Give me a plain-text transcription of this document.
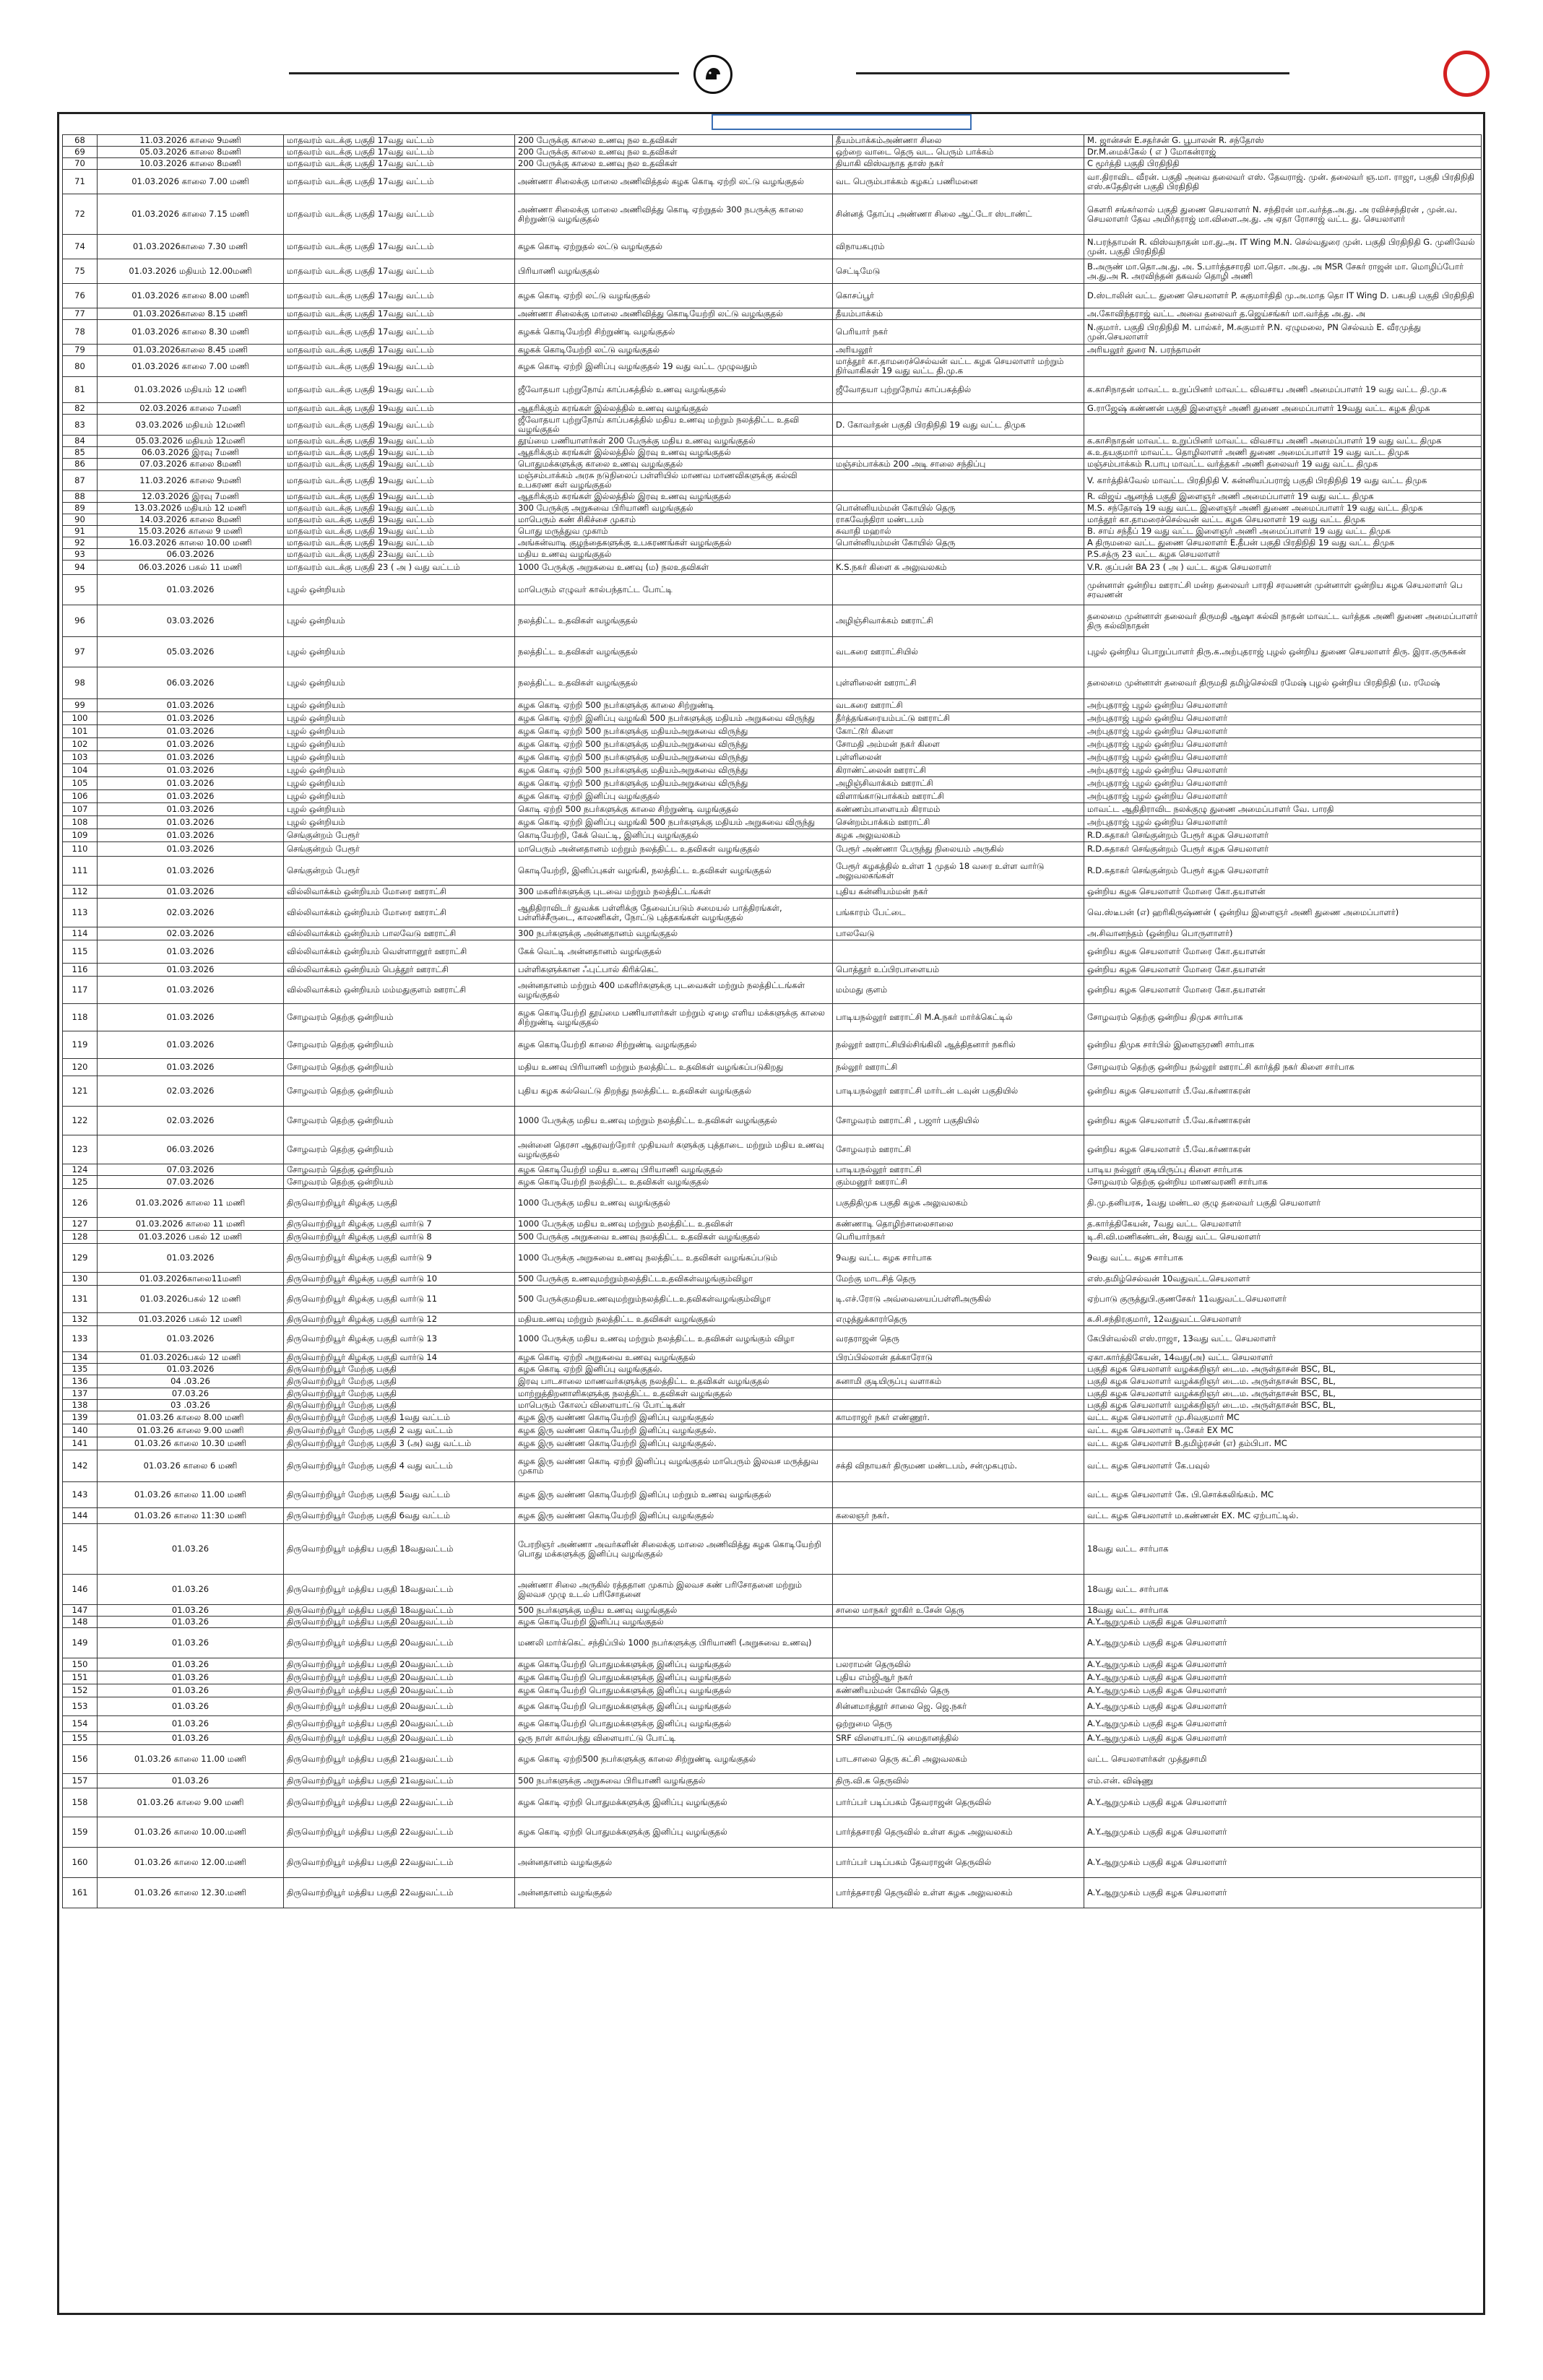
68	11.03.2026 காலை 9மணி	மாதவரம் வடக்கு பகுதி 17வது வட்டம்	200 பேருக்கு காலை உணவு நல உதவிகள்	தீயம்பாக்கம்அண்ணா சிலை	M. ஜான்சன் E.சதர்சன் G. பூபாலன் R. சந்தோஸ்
69	05.03.2026 காலை 8மணி	மாதவரம் வடக்கு பகுதி 17வது வட்டம்	200 பேருக்கு காலை உணவு நல உதவிகள்	ஒற்றை வாடை தெரு வட. பெரும் பாக்கம்	Dr.M.மைக்கேல் ( எ ) மோகன்ராஜ்
70	10.03.2026 காலை 8மணி	மாதவரம் வடக்கு பகுதி 17வது வட்டம்	200 பேருக்கு காலை உணவு நல உதவிகள்	தியாகி விஸ்வநாத தாஸ் நகர்	C மூர்த்தி பகுதி பிரதிநிதி
71	01.03.2026 காலை 7.00 மணி	மாதவரம் வடக்கு பகுதி 17வது வட்டம்	அண்ணா சிலைக்கு மாலை அணிவித்தல் கழக கொடி ஏற்றி லட்டு வழங்குதல்	வட பெரும்பாக்கம் கழகப் பணிமனை	வா.திராவிட வீரன். பகுதி அவை தலைவர் எஸ். தேவராஜ். முன். தலைவர் ஞ.மா. ராஜா, பகுதி பிரதிநிதி எஸ்.சுதேதிரன் பகுதி பிரதிநிதி
72	01.03.2026 காலை 7.15 மணி	மாதவரம் வடக்கு பகுதி 17வது வட்டம்	அண்ணா சிலைக்கு மாலை அணிவித்து கொடி ஏற்றுதல் 300 நபருக்கு காலை சிற்றுண்டு வழங்குதல்	சின்னத் தோப்பு அண்ணா சிலை ஆட்டோ ஸ்டாண்ட்	கௌரி சங்கர்லால் பகுதி துணை செயலாளர் N. சந்திரன் மா.வர்த்த.அ.து. அ ரவிச்சந்திரன் , முன்.வ. செயலாளர் தேவ அமிர்தராஜ் மா.விளை.அ.து. அ ஏதா ரோசாஜ் வட்ட து. செயலாளர்
74	01.03.2026காலை 7.30 மணி	மாதவரம் வடக்கு பகுதி 17வது வட்டம்	கழக கொடி ஏற்றுதல் லட்டு வழங்குதல்	விநாயகபுரம்	N.பரந்தாமன் R. விஸ்வநாதன் மா.து.அ. IT Wing M.N. செல்வதுரை முன். பகுதி பிரதிநிதி G. முனிவேல் முன். பகுதி பிரதிநிதி
75	01.03.2026 மதியம் 12.00மணி	மாதவரம் வடக்கு பகுதி 17வது வட்டம்	பிரியாணி வழங்குதல்	செட்டிமேடு	B.அருண் மா.தொ.அ.து. அ. S.பார்த்தசாரதி மா.தொ. அ.து. அ MSR சேகர் ராஜன் மா. மொழிப்போர் அ.து.அ R. அரவிந்தன் தகவல் தொழி அணி
76	01.03.2026 காலை 8.00 மணி	மாதவரம் வடக்கு பகுதி 17வது வட்டம்	கழக கொடி ஏற்றி லட்டு வழங்குதல்	கொசப்பூர்	D.ஸ்டாலின் வட்ட துணை செயலாளர் P. சுகுமார்திதி மு.அ.மாத தொ IT Wing D. பகபதி பகுதி பிரதிநிதி
77	01.03.2026காலை 8.15 மணி	மாதவரம் வடக்கு பகுதி 17வது வட்டம்	அண்ணா சிலைக்கு மாலை அணிவித்து கொடியேற்றி லட்டு வழங்குதல்	தீயம்பாக்கம்	அ.கோவிந்தராஜ் வட்ட அவை தலைவர் த.ஜெய்சங்கர் மா.வர்த்த அ.து. அ
78	01.03.2026 காலை 8.30 மணி	மாதவரம் வடக்கு பகுதி 17வது வட்டம்	கழகக் கொடியேற்றி சிற்றுண்டி வழங்குதல்	பெரியார் நகர்	N.குமார். பகுதி பிரதிநிதி M. பால்கர், M.சுகுமார் P.N. ஏழுமலை, PN செல்வம் E. வீரமுத்து முன்.செயலாளர்
79	01.03.2026காலை 8.45 மணி	மாதவரம் வடக்கு பகுதி 17வது வட்டம்	கழகக் கொடியேற்றி லட்டு வழங்குதல்	அரியலூர்	அரியலூர் துரை N. பரந்தாமன்
80	01.03.2026 காலை 7.00 மணி	மாதவரம் வடக்கு பகுதி 19வது வட்டம்	கழக கொடி ஏற்றி இனிப்பு வழங்குதல் 19 வது வட்ட முழுவதும்	மாத்தூர் கா.தாமரைச்செல்வன் வட்ட கழக செயலாளர் மற்றும் நிர்வாகிகள் 19 வது வட்ட தி.மு.க	
81	01.03.2026 மதியம் 12 மணி	மாதவரம் வடக்கு பகுதி 19வது வட்டம்	ஜீவோதயா புற்றுநோய் காப்பகத்தில் உணவு வழங்குதல்	ஜீவோதயா புற்றுநோய் காப்பகத்தில்	க.காசிநாதன் மாவட்ட உறுப்பினர் மாவட்ட விவசாய அணி அமைப்பாளர் 19 வது வட்ட தி.மு.க
82	02.03.2026 காலை 7மணி	மாதவரம் வடக்கு பகுதி 19வது வட்டம்	ஆதரிக்கும் கரங்கள் இல்லத்தில் உணவு வழங்குதல்		G.ராஜேஷ் கண்ணன் பகுதி இளைஞர் அணி துணை அமைப்பாளர் 19வது வட்ட கழக திமுக
83	03.03.2026 மதியம் 12மணி	மாதவரம் வடக்கு பகுதி 19வது வட்டம்	ஜீவோதயா புற்றுநோய் காப்பகத்தில் மதிய உணவு மற்றும் நலத்திட்ட உதவி வழங்குதல்	D. கோவர்தன் பகுதி பிரதிநிதி 19 வது வட்ட திமுக	
84	05.03.2026 மதியம் 12மணி	மாதவரம் வடக்கு பகுதி 19வது வட்டம்	தூய்மை பணியாளர்கள் 200 பேருக்கு மதிய உணவு வழங்குதல்		க.காசிநாதன் மாவட்ட உறுப்பினர் மாவட்ட விவசாய அணி அமைப்பாளர் 19 வது வட்ட திமுக
85	06.03.2026 இரவு 7மணி	மாதவரம் வடக்கு பகுதி 19வது வட்டம்	ஆதரிக்கும் கரங்கள் இல்லத்தில் இரவு உணவு வழங்குதல்		க.உதயகுமார் மாவட்ட தொழிலாளர் அணி துணை அமைப்பாளர் 19 வது வட்ட திமுக
86	07.03.2026 காலை 8மணி	மாதவரம் வடக்கு பகுதி 19வது வட்டம்	பொதுமக்களுக்கு காலை உணவு வழங்குதல்	மஞ்சம்பாக்கம் 200 அடி சாலை சந்திப்பு	மஞ்சம்பாக்கம் R.பாபு மாவட்ட வர்த்தகர் அணி தலைவர் 19 வது வட்ட திமுக
87	11.03.2026 காலை 9மணி	மாதவரம் வடக்கு பகுதி 19வது வட்டம்	மஞ்சம்பாக்கம் அரசு நடுநிலைப் பள்ளியில் மாணவ மாணவிகளுக்கு கல்வி உபகரண கள் வழங்குதல்		V. கார்த்திக்வேல் மாவட்ட பிரதிநிதி V. கன்னியப்பராஜ் பகுதி பிரதிநிதி 19 வது வட்ட திமுக
88	12.03.2026 இரவு 7மணி	மாதவரம் வடக்கு பகுதி 19வது வட்டம்	ஆதரிக்கும் கரங்கள் இல்லத்தில் இரவு உணவு வழங்குதல்		R. விஜய் ஆனந்த் பகுதி இளைஞர் அணி அமைப்பாளர் 19 வது வட்ட திமுக
89	13.03.2026 மதியம் 12 மணி	மாதவரம் வடக்கு பகுதி 19வது வட்டம்	300 பேருக்கு அறுசுவை பிரியாணி வழங்குதல்	பொன்னியம்மன் கோயில் தெரு	M.S. சந்தோஷ் 19 வது வட்ட இளைஞர் அணி துணை அமைப்பாளர் 19 வது வட்ட திமுக
90	14.03.2026 காலை 8மணி	மாதவரம் வடக்கு பகுதி 19வது வட்டம்	மாபெரும் கண் சிகிச்சை முகாம்	ராகவேந்திரா மண்டபம்	மாத்தூர் கா.தாமரைச்செல்வன் வட்ட கழக செயலாளர் 19 வது வட்ட திமுக
91	15.03.2026 காலை 9 மணி	மாதவரம் வடக்கு பகுதி 19வது வட்டம்	பொது மருத்துவ முகாம்	சுவாதி மஹால்	B. சாய் சந்தீப் 19 வது வட்ட இளைஞர் அணி அமைப்பாளர் 19 வது வட்ட திமுக
92	16.03.2026 காலை 10.00 மணி	மாதவரம் வடக்கு பகுதி 19வது வட்டம்	அங்கன்வாடி குழந்தைகளுக்கு உபகரணங்கள் வழங்குதல்	பொன்னியம்மன் கோயில் தெரு	A திருமலை வட்ட துணை செயலாளர் E.தீபன் பகுதி பிரதிநிதி 19 வது வட்ட திமுக
93	06.03.2026	மாதவரம் வடக்கு பகுதி 23வது வட்டம்	மதிய உணவு வழங்குதல்		P.S.சத்ரு 23 வட்ட கழக செயலாளர்
94	06.03.2026 பகல் 11 மணி	மாதவரம் வடக்கு பகுதி 23 ( அ ) வது வட்டம்	1000 பேருக்கு அறுசுவை உணவு (ம) நலஉதவிகள்	K.S.நகர் கிளை க அலுவலகம்	V.R. குப்பன் BA 23 ( அ ) வட்ட கழக செயலாளர்
95	01.03.2026	புழல் ஒன்றியம்	மாபெரும் எழுவர் கால்பந்தாட்ட போட்டி		முன்னாள் ஒன்றிய ஊராட்சி மன்ற தலைவர் பாரதி சரவணன் முன்னாள் ஒன்றிய கழக செயலாளர் பெ சரவணன்
96	03.03.2026	புழல் ஒன்றியம்	நலத்திட்ட உதவிகள் வழங்குதல்	அழிஞ்சிவாக்கம் ஊராட்சி	தலைமை முன்னாள் தலைவர் திருமதி ஆஷா கல்வி நாதன் மாவட்ட வர்த்தக அணி துணை அமைப்பாளர் திரு கல்விநாதன்
97	05.03.2026	புழல் ஒன்றியம்	நலத்திட்ட உதவிகள் வழங்குதல்	வடகரை ஊராட்சியில்	புழல் ஒன்றிய பொறுப்பாளர் திரு.க.அற்புதராஜ் புழல் ஒன்றிய துணை செயலாளர் திரு. இரா.குருசுகன்
98	06.03.2026	புழல் ஒன்றியம்	நலத்திட்ட உதவிகள் வழங்குதல்	புள்ளிலைன் ஊராட்சி	தலைமை முன்னாள் தலைவர் திருமதி தமிழ்செல்வி ரமேஷ் புழல் ஒன்றிய பிரதிநிதி (ம. ரமேஷ்
99	01.03.2026	புழல் ஒன்றியம்	கழக கொடி ஏற்றி 500 நபர்களுக்கு காலை சிற்றுண்டி	வடகரை ஊராட்சி	அற்புதராஜ் புழல் ஒன்றிய செயலாளர்
100	01.03.2026	புழல் ஒன்றியம்	கழக கொடி ஏற்றி இனிப்பு வழங்கி 500 நபர்களுக்கு மதியம் அறுசுவை விருந்து	தீர்த்தங்கரையம்பட்டு ஊராட்சி	அற்புதராஜ் புழல் ஒன்றிய செயலாளர்
101	01.03.2026	புழல் ஒன்றியம்	கழக கொடி ஏற்றி 500 நபர்களுக்கு மதியம்அறுசுவை விருந்து	கோட்டூர் கிளை	அற்புதராஜ் புழல் ஒன்றிய செயலாளர்
102	01.03.2026	புழல் ஒன்றியம்	கழக கொடி ஏற்றி 500 நபர்களுக்கு மதியம்அறுசுவை விருந்து	சோமதி அம்மன் நகர் கிளை	அற்புதராஜ் புழல் ஒன்றிய செயலாளர்
103	01.03.2026	புழல் ஒன்றியம்	கழக கொடி ஏற்றி 500 நபர்களுக்கு மதியம்அறுசுவை விருந்து	புள்ளிலைன்	அற்புதராஜ் புழல் ஒன்றிய செயலாளர்
104	01.03.2026	புழல் ஒன்றியம்	கழக கொடி ஏற்றி 500 நபர்களுக்கு மதியம்அறுசுவை விருந்து	கிராண்ட்லைன் ஊராட்சி	அற்புதராஜ் புழல் ஒன்றிய செயலாளர்
105	01.03.2026	புழல் ஒன்றியம்	கழக கொடி ஏற்றி 500 நபர்களுக்கு மதியம்அறுசுவை விருந்து	அழிஞ்சிவாக்கம் ஊராட்சி	அற்புதராஜ் புழல் ஒன்றிய செயலாளர்
106	01.03.2026	புழல் ஒன்றியம்	கழக கொடி ஏற்றி இனிப்பு வழங்குதல்	விளாங்காடுபாக்கம் ஊராட்சி	அற்புதராஜ் புழல் ஒன்றிய செயலாளர்
107	01.03.2026	புழல் ஒன்றியம்	கொடி ஏற்றி 500 நபர்களுக்கு காலை சிற்றுண்டி வழங்குதல்	கண்ணம்பாளையம் கிராமம்	மாவட்ட ஆதிதிராவிட நலக்குழு துணை அமைப்பாளர் வே. பாரதி
108	01.03.2026	புழல் ஒன்றியம்	கழக கொடி ஏற்றி இனிப்பு வழங்கி 500 நபர்களுக்கு மதியம் அறுசுவை விருந்து	சென்றம்பாக்கம் ஊராட்சி	அற்புதராஜ் புழல் ஒன்றிய செயலாளர்
109	01.03.2026	செங்குன்றம் பேரூர்	கொடியேற்றி, கேக் வெட்டி, இனிப்பு வழங்குதல்	கழக அலுவலகம்	R.D.சுதாகர் செங்குன்றம் பேரூர் கழக செயலாளர்
110	01.03.2026	செங்குன்றம் பேரூர்	மாபெரும் அன்னதானம் மற்றும் நலத்திட்ட உதவிகள் வழங்குதல்	பேரூர் அண்ணா பேருந்து நிலையம் அருகில்	R.D.சுதாகர் செங்குன்றம் பேரூர் கழக செயலாளர்
111	01.03.2026	செங்குன்றம் பேரூர்	கொடியேற்றி, இனிப்புகள் வழங்கி, நலத்திட்ட உதவிகள் வழங்குதல்	பேரூர் கழகத்தில் உள்ள 1 முதல் 18 வரை உள்ள வார்டு அலுவலகங்கள்	R.D.சுதாகர் செங்குன்றம் பேரூர் கழக செயலாளர்
112	01.03.2026	வில்லிவாக்கம் ஒன்றியம் மோரை ஊராட்சி	300 மகளிர்களுக்கு புடவை மற்றும் நலத்திட்டங்கள்	புதிய கன்னியம்மன் நகர்	ஒன்றிய கழக செயலாளர் மோரை கோ.தயாளன்
113	02.03.2026	வில்லிவாக்கம் ஒன்றியம் மோரை ஊராட்சி	ஆதிதிராவிடர் துவக்க பள்ளிக்கு தேவைப்படும் சமையல் பாத்திரங்கள், பள்ளிச்சீருடை, காலணிகள், நோட்டு புத்தகங்கள் வழங்குதல்	பங்காரம் பேட்டை	வெ.ஸ்டீபன் (எ) ஹரிகிருஷ்ணன் ( ஒன்றிய இளைஞர் அணி துணை அமைப்பாளர்)
114	02.03.2026	வில்லிவாக்கம் ஒன்றியம் பாலவேடு ஊராட்சி	300 நபர்களுக்கு அன்னதானம் வழங்குதல்	பாலவேடு	அ.சிவானந்தம் (ஒன்றிய பொருளாளர்)
115	01.03.2026	வில்லிவாக்கம் ஒன்றியம் வெள்ளானூர் ஊராட்சி	கேக் வெட்டி அன்னதானம் வழங்குதல்		ஒன்றிய கழக செயலாளர் மோரை கோ.தயாளன்
116	01.03.2026	வில்லிவாக்கம் ஒன்றியம் பெத்தூர் ஊராட்சி	பள்ளிகளுக்கான ஃபுட்பால் கிரிக்கெட்	பொத்தூர் உப்பிரபாளையம்	ஒன்றிய கழக செயலாளர் மோரை கோ.தயாளன்
117	01.03.2026	வில்லிவாக்கம் ஒன்றியம் மம்மதுகுளம் ஊராட்சி	அன்னதானம் மற்றும் 400 மகளிர்களுக்கு புடவைகள் மற்றும் நலத்திட்டங்கள் வழங்குதல்	மம்மது குளம்	ஒன்றிய கழக செயலாளர் மோரை கோ.தயாளன்
118	01.03.2026	சோழவரம் தெற்கு ஒன்றியம்	கழக கொடியேற்றி தூய்மை பணியாளர்கள் மற்றும் ஏழை எளிய மக்களுக்கு காலை சிற்றுண்டி வழங்குதல்	பாடியநல்லூர் ஊராட்சி M.A.நகர் மார்க்கெட்டில்	சோழவரம் தெற்கு ஒன்றிய திமுக சார்பாக
119	01.03.2026	சோழவரம் தெற்கு ஒன்றியம்	கழக கொடியேற்றி காலை சிற்றுண்டி வழங்குதல்	நல்லூர் ஊராட்சியில்சிங்கிலி ஆத்திதனார் நகரில்	ஒன்றிய திமுக சார்பில் இளைஞரணி சார்பாக
120	01.03.2026	சோழவரம் தெற்கு ஒன்றியம்	மதிய உணவு பிரியாணி மற்றும் நலத்திட்ட உதவிகள் வழங்கப்படுகிறது	நல்லூர் ஊராட்சி	சோழவரம் தெற்கு ஒன்றிய நல்லூர் ஊராட்சி கார்த்தி நகர் கிளை சார்பாக
121	02.03.2026	சோழவரம் தெற்கு ஒன்றியம்	புதிய கழக கல்வெட்டு திறந்து நலத்திட்ட உதவிகள் வழங்குதல்	பாடியநல்லூர் ஊராட்சி மார்டன் டவுன் பகுதியில்	ஒன்றிய கழக செயலாளர் பீ.வே.கர்ணாகரன்
122	02.03.2026	சோழவரம் தெற்கு ஒன்றியம்	1000 பேருக்கு மதிய உணவு மற்றும் நலத்திட்ட உதவிகள் வழங்குதல்	சோழவரம் ஊராட்சி , பஜார் பகுதியில்	ஒன்றிய கழக செயலாளர் பீ.வே.கர்ணாகரன்
123	06.03.2026	சோழவரம் தெற்கு ஒன்றியம்	அன்னை தெரசா ஆதரவற்றோர் முதியவர் களுக்கு புத்தாடை மற்றும் மதிய உணவு வழங்குதல்	சோழவரம் ஊராட்சி	ஒன்றிய கழக செயலாளர் பீ.வே.கர்ணாகரன்
124	07.03.2026	சோழவரம் தெற்கு ஒன்றியம்	கழக கொடியேற்றி மதிய உணவு பிரியாணி வழங்குதல்	பாடியநல்லூர் ஊராட்சி	பாடிய நல்லூர் குடியிருப்பு கிளை சார்பாக
125	07.03.2026	சோழவரம் தெற்கு ஒன்றியம்	கழக கொடியேற்றி நலத்திட்ட உதவிகள் வழங்குதல்	கும்மனூர் ஊராட்சி	சோழவரம் தெற்கு ஒன்றிய மாணவரணி சார்பாக
126	01.03.2026 காலை 11 மணி	திருவொற்றியூர் கிழக்கு பகுதி	1000 பேருக்கு மதிய உணவு வழங்குதல்	பகுதிதிமுக பகுதி கழக அலுவலகம்	தி.மு.தனியரசு, 1வது மண்டல குழு தலைவர் பகுதி செயலாளர்
127	01.03.2026 காலை 11 மணி	திருவொற்றியூர் கிழக்கு பகுதி வார்டு 7	1000 பேருக்கு மதிய உணவு மற்றும் நலத்திட்ட உதவிகள்	கண்ணாடி தொழிற்சாலைசாலை	த.கார்த்திகேயன், 7வது வட்ட செயலாளர்
128	01.03.2026 பகல் 12 மணி	திருவொற்றியூர் கிழக்கு பகுதி வார்டு 8	500 பேருக்கு அறுசுவை உணவு நலத்திட்ட உதவிகள் வழங்குதல்	பெரியார்நகர்	டி.சி.வி.மணிகண்டன், 8வது வட்ட செயலாளர்
129	01.03.2026	திருவொற்றியூர் கிழக்கு பகுதி வார்டு 9	1000 பேருக்கு அறுசுவை உணவு நலத்திட்ட உதவிகள் வழங்கப்படும்	9வது வட்ட கழக சார்பாக	9வது வட்ட கழக சார்பாக
130	01.03.2026காலை11மணி	திருவொற்றியூர் கிழக்கு பகுதி வார்டு 10	500 பேருக்கு உணவுமற்றும்நலத்திட்டஉதவிகள்வழங்கும்விழா	மேற்கு மாடசித் தெரு	எஸ்.தமிழ்செல்வன் 10வதுவட்டசெயலாளர்
131	01.03.2026பகல் 12 மணி	திருவொற்றியூர் கிழக்கு பகுதி வார்டு 11	500 பேருக்குமதியஉணவுமற்றும்நலத்திட்டஉதவிகள்வழங்கும்விழா	டி.எச்.ரோடு அவ்வையைப்பள்ளிஅருகில்	ஏற்பாடு குருத்துபி.குணசேகர் 11வதுவட்டசெயலாளர்
132	01.03.2026 பகல் 12 மணி	திருவொற்றியூர் கிழக்கு பகுதி வார்டு 12	மதியஉணவு மற்றும் நலத்திட்ட உதவிகள் வழங்குதல்	எழுத்துக்காரர்தெரு	க.சி.சந்திரகுமார், 12வதுவட்டசெயலாளர்
133	01.03.2026	திருவொற்றியூர் கிழக்கு பகுதி வார்டு 13	1000 பேருக்கு மதிய உணவு மற்றும் நலத்திட்ட உதவிகள் வழங்கும் விழா	வரதராஜன் தெரு	கேபிள்வல்லி எஸ்.ராஜா, 13வது வட்ட செயலாளர்
134	01.03.2026பகல் 12 மணி	திருவொற்றியூர் கிழக்கு பகுதி வார்டு 14	கழக கொடி ஏற்றி அறுசுவை உணவு வழங்குதல்	பிரப்பில்லான் தக்காரோடு	ஏகா.கார்த்திகேயன், 14வது(அ) வட்ட செயலாளர்
135	01.03.2026	திருவொற்றியூர் மேற்கு பகுதி	கழக கொடி ஏற்றி இனிப்பு வழங்குதல்.		பகுதி கழக செயலாளர் வழக்கறிஞர் டை.ம. அருள்தாசன் BSC, BL,
136	04 .03.26	திருவொற்றியூர் மேற்கு பகுதி	இரவு பாடசாலை மாணவர்களுக்கு நலத்திட்ட உதவிகள் வழங்குதல்	சுனாமி குடியிருப்பு வளாகம்	பகுதி கழக செயலாளர் வழக்கறிஞர் டை.ம. அருள்தாசன் BSC, BL,
137	07.03.26	திருவொற்றியூர் மேற்கு பகுதி	மாற்றுத்திறனாளிகளுக்கு நலத்திட்ட உதவிகள் வழங்குதல்		பகுதி கழக செயலாளர் வழக்கறிஞர் டை.ம. அருள்தாசன் BSC, BL,
138	03 .03.26	திருவொற்றியூர் மேற்கு பகுதி	மாபெரும் கோலப் விளையாட்டு போட்டிகள்		பகுதி கழக செயலாளர் வழக்கறிஞர் டை.ம. அருள்தாசன் BSC, BL,
139	01.03.26 காலை 8.00 மணி	திருவொற்றியூர் மேற்கு பகுதி 1வது வட்டம்	கழக இரு வண்ண கொடியேற்றி இனிப்பு வழங்குதல்	காமராஜர் நகர் எண்ணூர்.	வட்ட கழக செயலாளர் மு.சிவகுமார் MC
140	01.03.26 காலை 9.00 மணி	திருவொற்றியூர் மேற்கு பகுதி 2 வது வட்டம்	கழக இரு வண்ண கொடியேற்றி இனிப்பு வழங்குதல்.		வட்ட கழக செயலாளர் டி.சேகர் EX MC
141	01.03.26 காலை 10.30 மணி	திருவொற்றியூர் மேற்கு பகுதி 3 (அ) வது வட்டம்	கழக இரு வண்ண கொடியேற்றி இனிப்பு வழங்குதல்.		வட்ட கழக செயலாளர் B.தமிழ்ரசன் (எ) தம்பிபா. MC
142	01.03.26 காலை 6 மணி	திருவொற்றியூர் மேற்கு பகுதி 4 வது வட்டம்	கழக இரு வண்ண கொடி ஏற்றி இனிப்பு வழங்குதல் மாபெரும் இலவச மருத்துவ முகாம்	சக்தி விநாயகர் திருமண மண்டபம், சன்முகபுரம்.	வட்ட கழக செயலாளர் கே.பவுல்
143	01.03.26 காலை 11.00 மணி	திருவொற்றியூர் மேற்கு பகுதி 5வது வட்டம்	கழக இரு வண்ண கொடியேற்றி இனிப்பு மற்றும் உணவு வழங்குதல்		வட்ட கழக செயலாளர் கே. பி.சொக்கலிங்கம். MC
144	01.03.26 காலை 11:30 மணி	திருவொற்றியூர் மேற்கு பகுதி 6வது வட்டம்	கழக இரு வண்ண கொடியேற்றி இனிப்பு வழங்குதல்	கலைஞர் நகர்.	வட்ட கழக செயலாளர் ம.கண்ணன் EX. MC ஏற்பாட்டில்.
145	01.03.26	திருவொற்றியூர் மத்திய பகுதி 18வதுவட்டம்	பேரறிஞர் அண்ணா அவர்களின் சிலைக்கு மாலை அணிவித்து கழக கொடியேற்றி பொது மக்களுக்கு இனிப்பு வழங்குதல்		18வது வட்ட சார்பாக
146	01.03.26	திருவொற்றியூர் மத்திய பகுதி 18வதுவட்டம்	அண்ணா சிலை அருகில் ரத்ததான முகாம் இலவச கண் பரிசோதனை மற்றும் இலவச முழு உடல் பரிசோதனை		18வது வட்ட சார்பாக
147	01.03.26	திருவொற்றியூர் மத்திய பகுதி 18வதுவட்டம்	500 நபர்களுக்கு மதிய உணவு வழங்குதல்	சாலை மாநகர் ஜாகிர் உசேன் தெரு	18வது வட்ட சார்பாக
148	01.03.26	திருவொற்றியூர் மத்திய பகுதி 20வதுவட்டம்	கழக கொடியேற்றி இனிப்பு வழங்குதல்		A.Y.ஆறுமுகம் பகுதி கழக செயலாளர்
149	01.03.26	திருவொற்றியூர் மத்திய பகுதி 20வதுவட்டம்	மணலி மார்க்கெட் சந்திப்பில் 1000 நபர்களுக்கு பிரியாணி (அறுசுவை உணவு)		A.Y.ஆறுமுகம் பகுதி கழக செயலாளர்
150	01.03.26	திருவொற்றியூர் மத்திய பகுதி 20வதுவட்டம்	கழக கொடியேற்றி பொதுமக்களுக்கு இனிப்பு வழங்குதல்	பலராமன் தெருவில்	A.Y.ஆறுமுகம் பகுதி கழக செயலாளர்
151	01.03.26	திருவொற்றியூர் மத்திய பகுதி 20வதுவட்டம்	கழக கொடியேற்றி பொதுமக்களுக்கு இனிப்பு வழங்குதல்	புதிய எம்ஜிஆர் நகர்	A.Y.ஆறுமுகம் பகுதி கழக செயலாளர்
152	01.03.26	திருவொற்றியூர் மத்திய பகுதி 20வதுவட்டம்	கழக கொடியேற்றி பொதுமக்களுக்கு இனிப்பு வழங்குதல்	கண்ணியம்மன் கோவில் தெரு	A.Y.ஆறுமுகம் பகுதி கழக செயலாளர்
153	01.03.26	திருவொற்றியூர் மத்திய பகுதி 20வதுவட்டம்	கழக கொடியேற்றி பொதுமக்களுக்கு இனிப்பு வழங்குதல்	சின்னமாத்தூர் சாலை ஜெ. ஜெ.நகர்	A.Y.ஆறுமுகம் பகுதி கழக செயலாளர்
154	01.03.26	திருவொற்றியூர் மத்திய பகுதி 20வதுவட்டம்	கழக கொடியேற்றி பொதுமக்களுக்கு இனிப்பு வழங்குதல்	ஒற்றுமை தெரு	A.Y.ஆறுமுகம் பகுதி கழக செயலாளர்
155	01.03.26	திருவொற்றியூர் மத்திய பகுதி 20வதுவட்டம்	ஒரு நாள் கால்பந்து விளையாட்டு போட்டி	SRF விளையாட்டு மைதானத்தில்	A.Y.ஆறுமுகம் பகுதி கழக செயலாளர்
156	01.03.26 காலை 11.00 மணி	திருவொற்றியூர் மத்திய பகுதி 21வதுவட்டம்	கழக கொடி ஏற்றி500 நபர்களுக்கு காலை சிற்றுண்டி வழங்குதல்	பாடசாலை தெரு கட்சி அலுவலகம்	வட்ட செயலாளர்கள் முத்துசாமி
157	01.03.26	திருவொற்றியூர் மத்திய பகுதி 21வதுவட்டம்	500 நபர்களுக்கு அறுசுவை பிரியாணி வழங்குதல்	திரு.வி.க தெருவில்	எம்.என். விஷ்ணு
158	01.03.26 காலை 9.00 மணி	திருவொற்றியூர் மத்திய பகுதி 22வதுவட்டம்	கழக கொடி ஏற்றி பொதுமக்களுக்கு இனிப்பு வழங்குதல்	பார்ப்பர் படிப்பகம் தேவராஜன் தெருவில்	A.Y.ஆறுமுகம் பகுதி கழக செயலாளர்
159	01.03.26 காலை 10.00.மணி	திருவொற்றியூர் மத்திய பகுதி 22வதுவட்டம்	கழக கொடி ஏற்றி பொதுமக்களுக்கு இனிப்பு வழங்குதல்	பார்த்தசாரதி தெருவில் உள்ள கழக அலுவலகம்	A.Y.ஆறுமுகம் பகுதி கழக செயலாளர்
160	01.03.26 காலை 12.00.மணி	திருவொற்றியூர் மத்திய பகுதி 22வதுவட்டம்	அன்னதானம் வழங்குதல்	பார்ப்பர் படிப்பகம் தேவராஜன் தெருவில்	A.Y.ஆறுமுகம் பகுதி கழக செயலாளர்
161	01.03.26 காலை 12.30.மணி	திருவொற்றியூர் மத்திய பகுதி 22வதுவட்டம்	அன்னதானம் வழங்குதல்	பார்த்தசாரதி தெருவில் உள்ள கழக அலுவலகம்	A.Y.ஆறுமுகம் பகுதி கழக செயலாளர்
